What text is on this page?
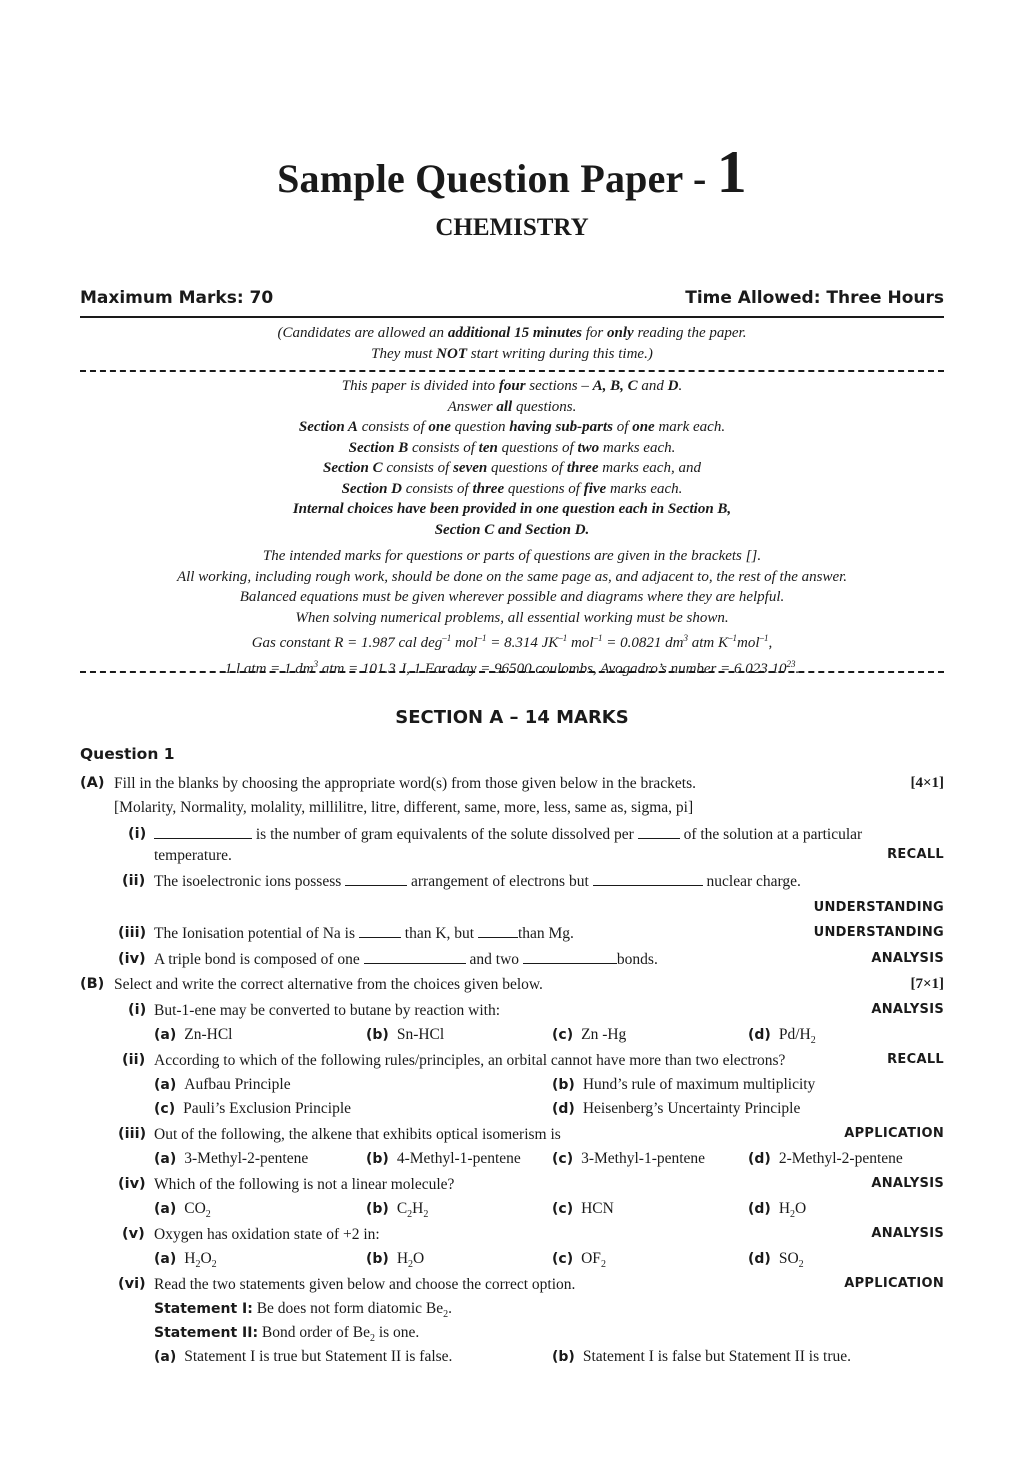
Sample Question Paper - 1
CHEMISTRY
Maximum Marks: 70	Time Allowed: Three Hours
(Candidates are allowed an additional 15 minutes for only reading the paper.
They must NOT start writing during this time.)
This paper is divided into four sections – A, B, C and D.
Answer all questions.
Section A consists of one question having sub-parts of one mark each.
Section B consists of ten questions of two marks each.
Section C consists of seven questions of three marks each, and
Section D consists of three questions of five marks each.
Internal choices have been provided in one question each in Section B,
Section C and Section D.
The intended marks for questions or parts of questions are given in the brackets [].
All working, including rough work, should be done on the same page as, and adjacent to, the rest of the answer.
Balanced equations must be given wherever possible and diagrams where they are helpful.
When solving numerical problems, all essential working must be shown.
Gas constant R = 1.987 cal deg$^{-1}$ mol$^{-1}$ = 8.314 $JK^{-1}$ mol$^{-1}$ = 0.0821 $dm^3$ atm $K^{-1}mol^{-1}$,
1 l atm = 1 $dm^3$ atm = 101.3 J, 1 Faraday = 96500 coulombs, Avogadro’s number = 6.023 $10^{23}$.
SECTION A – 14 MARKS
Question 1
(A) Fill in the blanks by choosing the appropriate word(s) from those given below in the brackets.	[4×1]
[Molarity, Normality, molality, millilitre, litre, different, same, more, less, same as, sigma, pi]
(i)	is the number of gram equivalents of the solute dissolved per	of the solution at a particular
temperature.	RECALL
(ii) The isoelectronic ions possess	arrangement of electrons but	nuclear charge.
UNDERSTANDING
(iii) The Ionisation potential of Na is	than K, but	than Mg.	UNDERSTANDING
(iv) A triple bond is composed of one	and two	bonds.	ANALYSIS
(B) Select and write the correct alternative from the choices given below.	[7×1]
(i) But-1-ene may be converted to butane by reaction with:	ANALYSIS
(a) Zn-HCl	(b) Sn-HCl	(c) Zn -Hg	(d) $Pd/H_2$
(ii) According to which of the following rules/principles, an orbital cannot have more than two electrons?	RECALL
(a) Aufbau Principle	(b) Hund’s rule of maximum multiplicity
(c) Pauli’s Exclusion Principle	(d) Heisenberg’s Uncertainty Principle
(iii) Out of the following, the alkene that exhibits optical isomerism is	APPLICATION
(a) 3-Methyl-2-pentene	(b) 4-Methyl-1-pentene (c) 3-Methyl-1-pentene	(d) 2-Methyl-2-pentene
(iv) Which of the following is not a linear molecule?	ANALYSIS
(a) $CO_2$	(b) $C_2H_2$	(c) HCN	(d) $H_2O$
(v) Oxygen has oxidation state of +2 in:	ANALYSIS
(a) $H_2O_2$	(b) $H_2O$	(c) $OF_2$	(d) $SO_2$
(vi) Read the two statements given below and choose the correct option.	APPLICATION
Statement I: Be does not form diatomic $Be_2$.
Statement II: Bond order of $Be_2$ is one.
(a) Statement I is true but Statement II is false.	(b) Statement I is false but Statement II is true.
